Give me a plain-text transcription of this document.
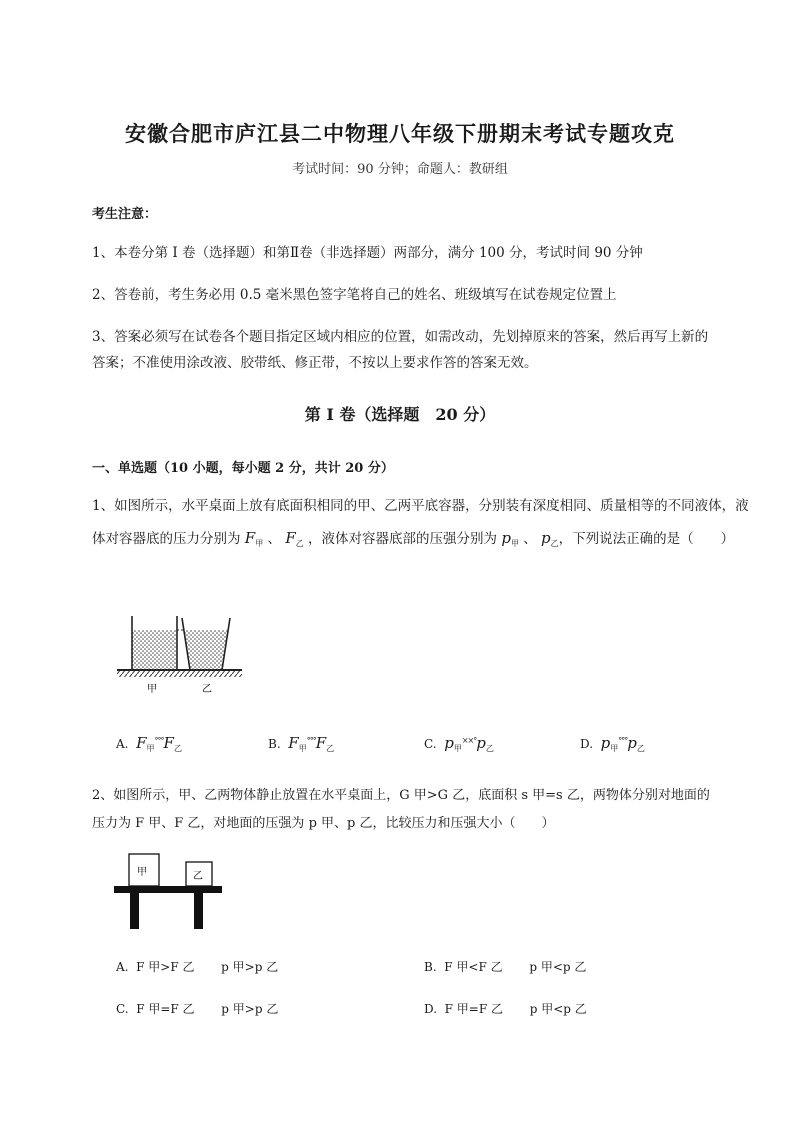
安徽合肥市庐江县二中物理八年级下册期末考试专题攻克
考试时间：90 分钟；命题人：教研组
考生注意：
1、本卷分第 I 卷（选择题）和第Ⅱ卷（非选择题）两部分，满分 100 分，考试时间 90 分钟
2、答卷前，考生务必用 0.5 毫米黑色签字笔将自己的姓名、班级填写在试卷规定位置上
3、答案必须写在试卷各个题目指定区域内相应的位置，如需改动，先划掉原来的答案，然后再写上新的答案；不准使用涂改液、胶带纸、修正带，不按以上要求作答的答案无效。
第 I 卷（选择题　20 分）
一、单选题（10 小题，每小题 2 分，共计 20 分）
1、如图所示，水平桌面上放有底面积相同的甲、乙两平底容器，分别装有深度相同、质量相等的不同液体，液体对容器底的压力分别为 $F_甲$ 、 $F_乙$ ，液体对容器底部的压强分别为 $p_甲$ 、 $p_乙$，下列说法正确的是（　　）
甲	乙
A. $F_甲^{^\circ^\circ^\circ}F_乙$	B. $F_甲^{^\circ^\circ^\circ}F_乙$	C. $p_甲^{\times\times^\circ}p_乙$	D. $p_甲^{^\circ^\circ^\circ}p_乙$
2、如图所示，甲、乙两物体静止放置在水平桌面上，G 甲>G 乙，底面积 s 甲=s 乙，两物体分别对地面的
压力为 F 甲、F 乙，对地面的压强为 p 甲、p 乙，比较压力和压强大小（　　）
甲	乙
A. F 甲>F 乙 p 甲>p 乙	B. F 甲<F 乙 p 甲<p 乙
C. F 甲=F 乙 p 甲>p 乙	D. F 甲=F 乙 p 甲<p 乙
